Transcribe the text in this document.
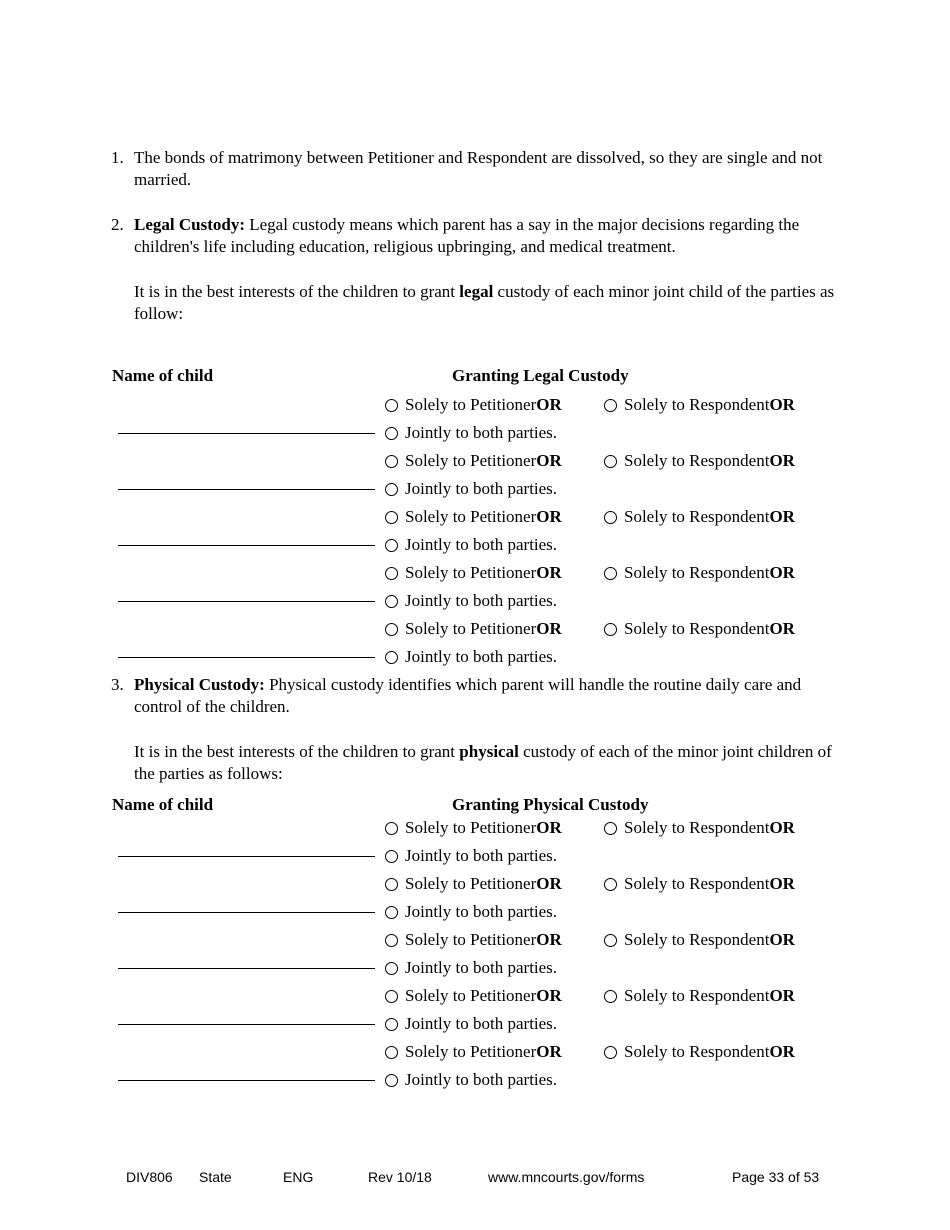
1. The bonds of matrimony between Petitioner and Respondent are dissolved, so they are single and not married.
2. Legal Custody: Legal custody means which parent has a say in the major decisions regarding the children's life including education, religious upbringing, and medical treatment.
It is in the best interests of the children to grant legal custody of each minor joint child of the parties as follow:
Name of child	Granting Legal Custody
Solely to Petitioner OR	Solely to Respondent OR
Jointly to both parties.
Solely to Petitioner OR	Solely to Respondent OR
Jointly to both parties.
Solely to Petitioner OR	Solely to Respondent OR
Jointly to both parties.
Solely to Petitioner OR	Solely to Respondent OR
Jointly to both parties.
Solely to Petitioner OR	Solely to Respondent OR
Jointly to both parties.
3. Physical Custody: Physical custody identifies which parent will handle the routine daily care and control of the children.
It is in the best interests of the children to grant physical custody of each of the minor joint children of the parties as follows:
Name of child	Granting Physical Custody
Solely to Petitioner OR	Solely to Respondent OR
Jointly to both parties.
Solely to Petitioner OR	Solely to Respondent OR
Jointly to both parties.
Solely to Petitioner OR	Solely to Respondent OR
Jointly to both parties.
Solely to Petitioner OR	Solely to Respondent OR
Jointly to both parties.
Solely to Petitioner OR	Solely to Respondent OR
Jointly to both parties.
DIV806 State	ENG	Rev 10/18	www.mncourts.gov/forms	Page 33 of 53
